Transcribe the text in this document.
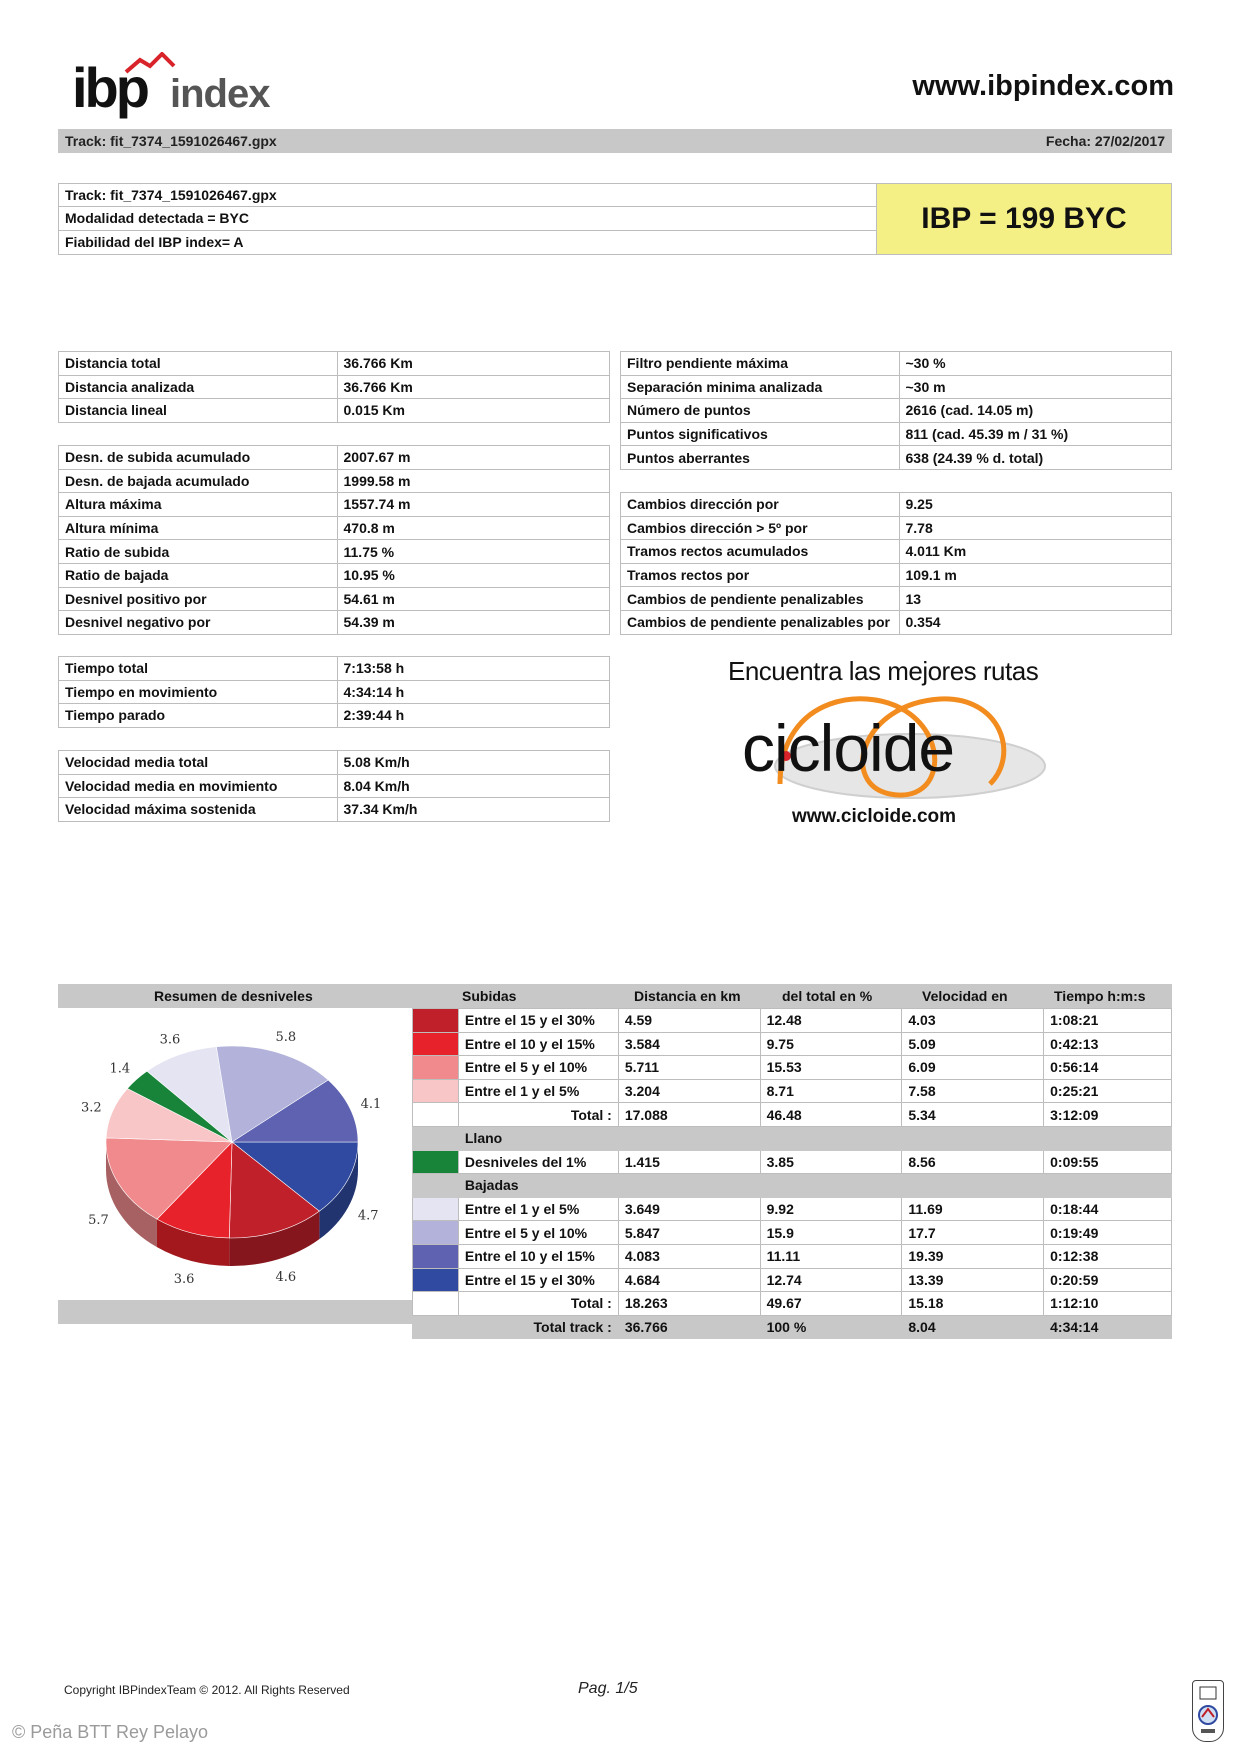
ibp index	www.ibpindex.com
Track: fit_7374_1591026467.gpx	Fecha: 27/02/2017
Track: fit_7374_1591026467.gpx
Modalidad detectada = BYC
Fiabilidad del IBP index= A
IBP = 199 BYC
Distancia total	36.766 Km
Distancia analizada	36.766 Km
Distancia lineal	0.015 Km
Desn. de subida acumulado	2007.67 m
Desn. de bajada acumulado	1999.58 m
Altura máxima	1557.74 m
Altura mínima	470.8 m
Ratio de subida	11.75 %
Ratio de bajada	10.95 %
Desnivel positivo por	54.61 m
Desnivel negativo por	54.39 m
Tiempo total	7:13:58 h
Tiempo en movimiento	4:34:14 h
Tiempo parado	2:39:44 h
Velocidad media total	5.08 Km/h
Velocidad media en movimiento	8.04 Km/h
Velocidad máxima sostenida	37.34 Km/h
Filtro pendiente máxima	~30 %
Separación minima analizada	~30 m
Número de puntos	2616 (cad. 14.05 m)
Puntos significativos	811 (cad. 45.39 m / 31 %)
Puntos aberrantes	638 (24.39 % d. total)
Cambios dirección por	9.25
Cambios dirección > 5º por	7.78
Tramos rectos acumulados	4.011 Km
Tramos rectos por	109.1 m
Cambios de pendiente penalizables	13
Cambios de pendiente penalizables por	0.354
Encuentra las mejores rutas
cicloide
www.cicloide.com
Resumen de desniveles	Subidas	Distancia en km	del total en %	Velocidad en	Tiempo h:m:s
4.7
4.6
3.6
5.7
3.2
1.4
3.6	5.8
4.1
	Entre el 15 y el 30%	4.59	12.48	4.03	1:08:21
	Entre el 10 y el 15%	3.584	9.75	5.09	0:42:13
	Entre el 5 y el 10%	5.711	15.53	6.09	0:56:14
	Entre el 1 y el 5%	3.204	8.71	7.58	0:25:21
	Total :	17.088	46.48	5.34	3:12:09
	Llano				
	Desniveles del 1%	1.415	3.85	8.56	0:09:55
	Bajadas				
	Entre el 1 y el 5%	3.649	9.92	11.69	0:18:44
	Entre el 5 y el 10%	5.847	15.9	17.7	0:19:49
	Entre el 10 y el 15%	4.083	11.11	19.39	0:12:38
	Entre el 15 y el 30%	4.684	12.74	13.39	0:20:59
	Total :	18.263	49.67	15.18	1:12:10
Total track :		36.766	100 %	8.04	4:34:14
Copyright IBPindexTeam © 2012. All Rights Reserved	Pag. 1/5
© Peña BTT Rey Pelayo
